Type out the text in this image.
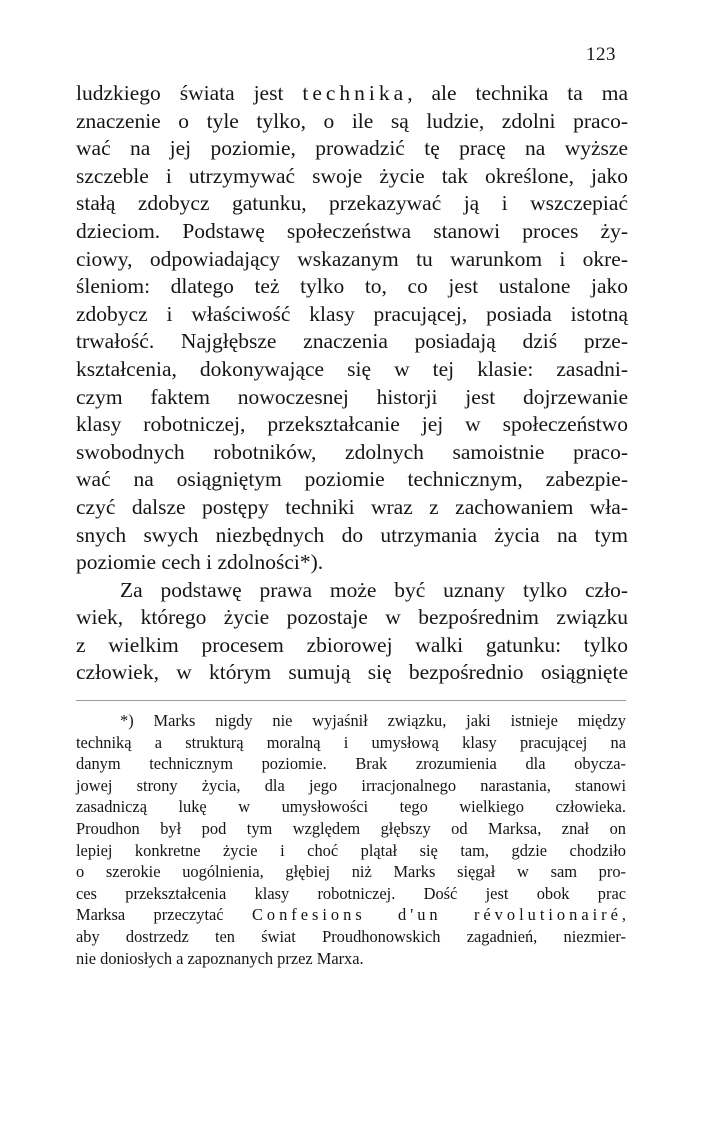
123
ludzkiego świata jest technika, ale technika ta ma
znaczenie o tyle tylko, o ile są ludzie, zdolni praco-
wać na jej poziomie, prowadzić tę pracę na wyższe
szczeble i utrzymywać swoje życie tak określone, jako
stałą zdobycz gatunku, przekazywać ją i wszczepiać
dzieciom. Podstawę społeczeństwa stanowi proces ży-
ciowy, odpowiadający wskazanym tu warunkom i okre-
śleniom: dlatego też tylko to, co jest ustalone jako
zdobycz i właściwość klasy pracującej, posiada istotną
trwałość. Najgłębsze znaczenia posiadają dziś prze-
kształcenia, dokonywające się w tej klasie: zasadni-
czym faktem nowoczesnej historji jest dojrzewanie
klasy robotniczej, przekształcanie jej w społeczeństwo
swobodnych robotników, zdolnych samoistnie praco-
wać na osiągniętym poziomie technicznym, zabezpie-
czyć dalsze postępy techniki wraz z zachowaniem wła-
snych swych niezbędnych do utrzymania życia na tym
poziomie cech i zdolności*).
Za podstawę prawa może być uznany tylko czło-
wiek, którego życie pozostaje w bezpośrednim związku
z wielkim procesem zbiorowej walki gatunku: tylko
człowiek, w którym sumują się bezpośrednio osiągnięte
*) Marks nigdy nie wyjaśnił związku, jaki istnieje między
techniką a strukturą moralną i umysłową klasy pracującej na
danym technicznym poziomie. Brak zrozumienia dla obycza-
jowej strony życia, dla jego irracjonalnego narastania, stanowi
zasadniczą lukę w umysłowości tego wielkiego człowieka.
Proudhon był pod tym względem głębszy od Marksa, znał on
lepiej konkretne życie i choć plątał się tam, gdzie chodziło
o szerokie uogólnienia, głębiej niż Marks sięgał w sam pro-
ces przekształcenia klasy robotniczej. Dość jest obok prac
Marksa przeczytać Confesions d'un révolutionairé,
aby dostrzedz ten świat Proudhonowskich zagadnień, niezmier-
nie doniosłych a zapoznanych przez Marxa.
